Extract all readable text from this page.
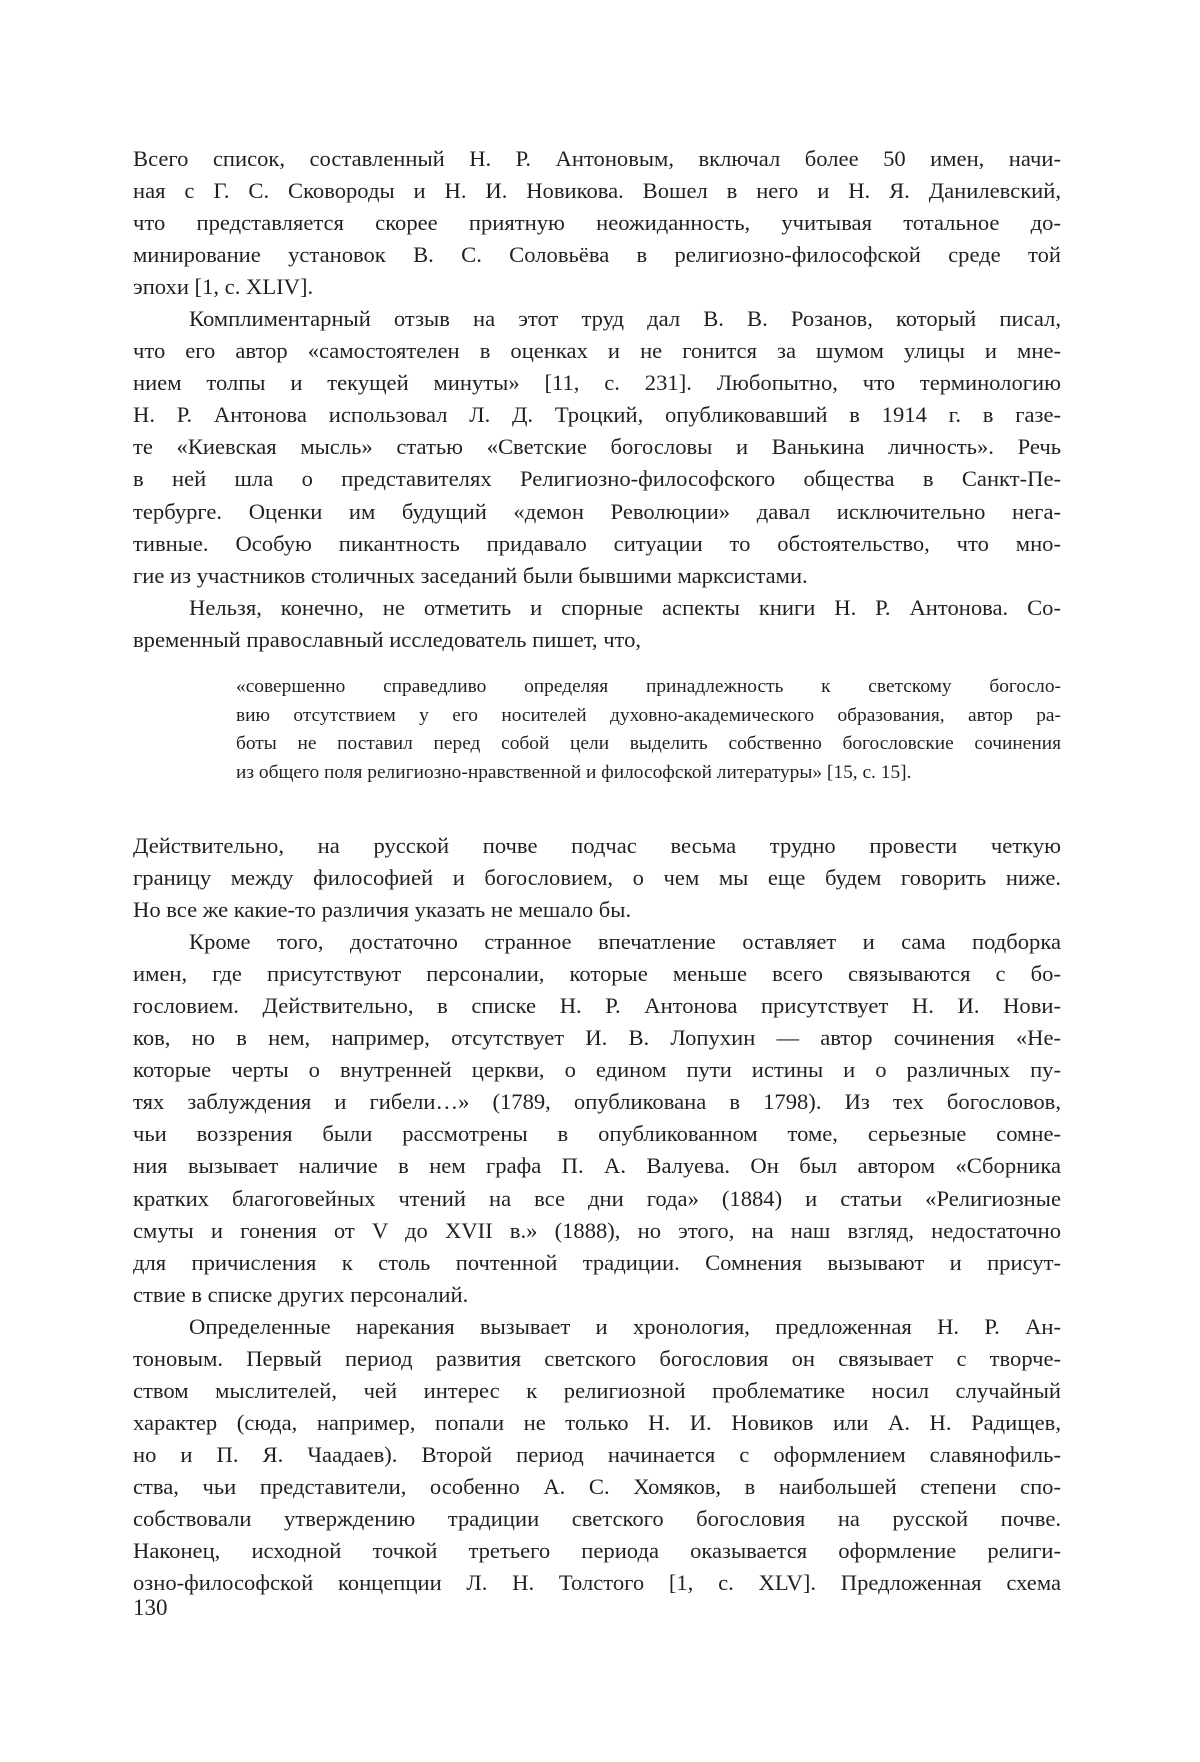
Всего список, составленный Н. Р. Антоновым, включал более 50 имен, начи-
ная с Г. С. Сковороды и Н. И. Новикова. Вошел в него и Н. Я. Данилевский,
что представляется скорее приятную неожиданность, учитывая тотальное до-
минирование установок В. С. Соловьёва в религиозно-философской среде той
эпохи [1, с. XLIV].
Комплиментарный отзыв на этот труд дал В. В. Розанов, который писал,
что его автор «самостоятелен в оценках и не гонится за шумом улицы и мне-
нием толпы и текущей минуты» [11, с. 231]. Любопытно, что терминологию
Н. Р. Антонова использовал Л. Д. Троцкий, опубликовавший в 1914 г. в газе-
те «Киевская мысль» статью «Светские богословы и Ванькина личность». Речь
в ней шла о представителях Религиозно-философского общества в Санкт-Пе-
тербурге. Оценки им будущий «демон Революции» давал исключительно нега-
тивные. Особую пикантность придавало ситуации то обстоятельство, что мно-
гие из участников столичных заседаний были бывшими марксистами.
Нельзя, конечно, не отметить и спорные аспекты книги Н. Р. Антонова. Со-
временный православный исследователь пишет, что,
«совершенно справедливо определяя принадлежность к светскому богосло-
вию отсутствием у его носителей духовно-академического образования, автор ра-
боты не поставил перед собой цели выделить собственно богословские сочинения
из общего поля религиозно-нравственной и философской литературы» [15, с. 15].
Действительно, на русской почве подчас весьма трудно провести четкую
границу между философией и богословием, о чем мы еще будем говорить ниже.
Но все же какие-то различия указать не мешало бы.
Кроме того, достаточно странное впечатление оставляет и сама подборка
имен, где присутствуют персоналии, которые меньше всего связываются с бо-
гословием. Действительно, в списке Н. Р. Антонова присутствует Н. И. Нови-
ков, но в нем, например, отсутствует И. В. Лопухин — автор сочинения «Не-
которые черты о внутренней церкви, о едином пути истины и о различных пу-
тях заблуждения и гибели…» (1789, опубликована в 1798). Из тех богословов,
чьи воззрения были рассмотрены в опубликованном томе, серьезные сомне-
ния вызывает наличие в нем графа П. А. Валуева. Он был автором «Сборника
кратких благоговейных чтений на все дни года» (1884) и статьи «Религиозные
смуты и гонения от V до XVII в.» (1888), но этого, на наш взгляд, недостаточно
для причисления к столь почтенной традиции. Сомнения вызывают и присут-
ствие в списке других персоналий.
Определенные нарекания вызывает и хронология, предложенная Н. Р. Ан-
тоновым. Первый период развития светского богословия он связывает с творче-
ством мыслителей, чей интерес к религиозной проблематике носил случайный
характер (сюда, например, попали не только Н. И. Новиков или А. Н. Радищев,
но и П. Я. Чаадаев). Второй период начинается с оформлением славянофиль-
ства, чьи представители, особенно А. С. Хомяков, в наибольшей степени спо-
собствовали утверждению традиции светского богословия на русской почве.
Наконец, исходной точкой третьего периода оказывается оформление религи-
озно-философской концепции Л. Н. Толстого [1, с. XLV]. Предложенная схема
130
